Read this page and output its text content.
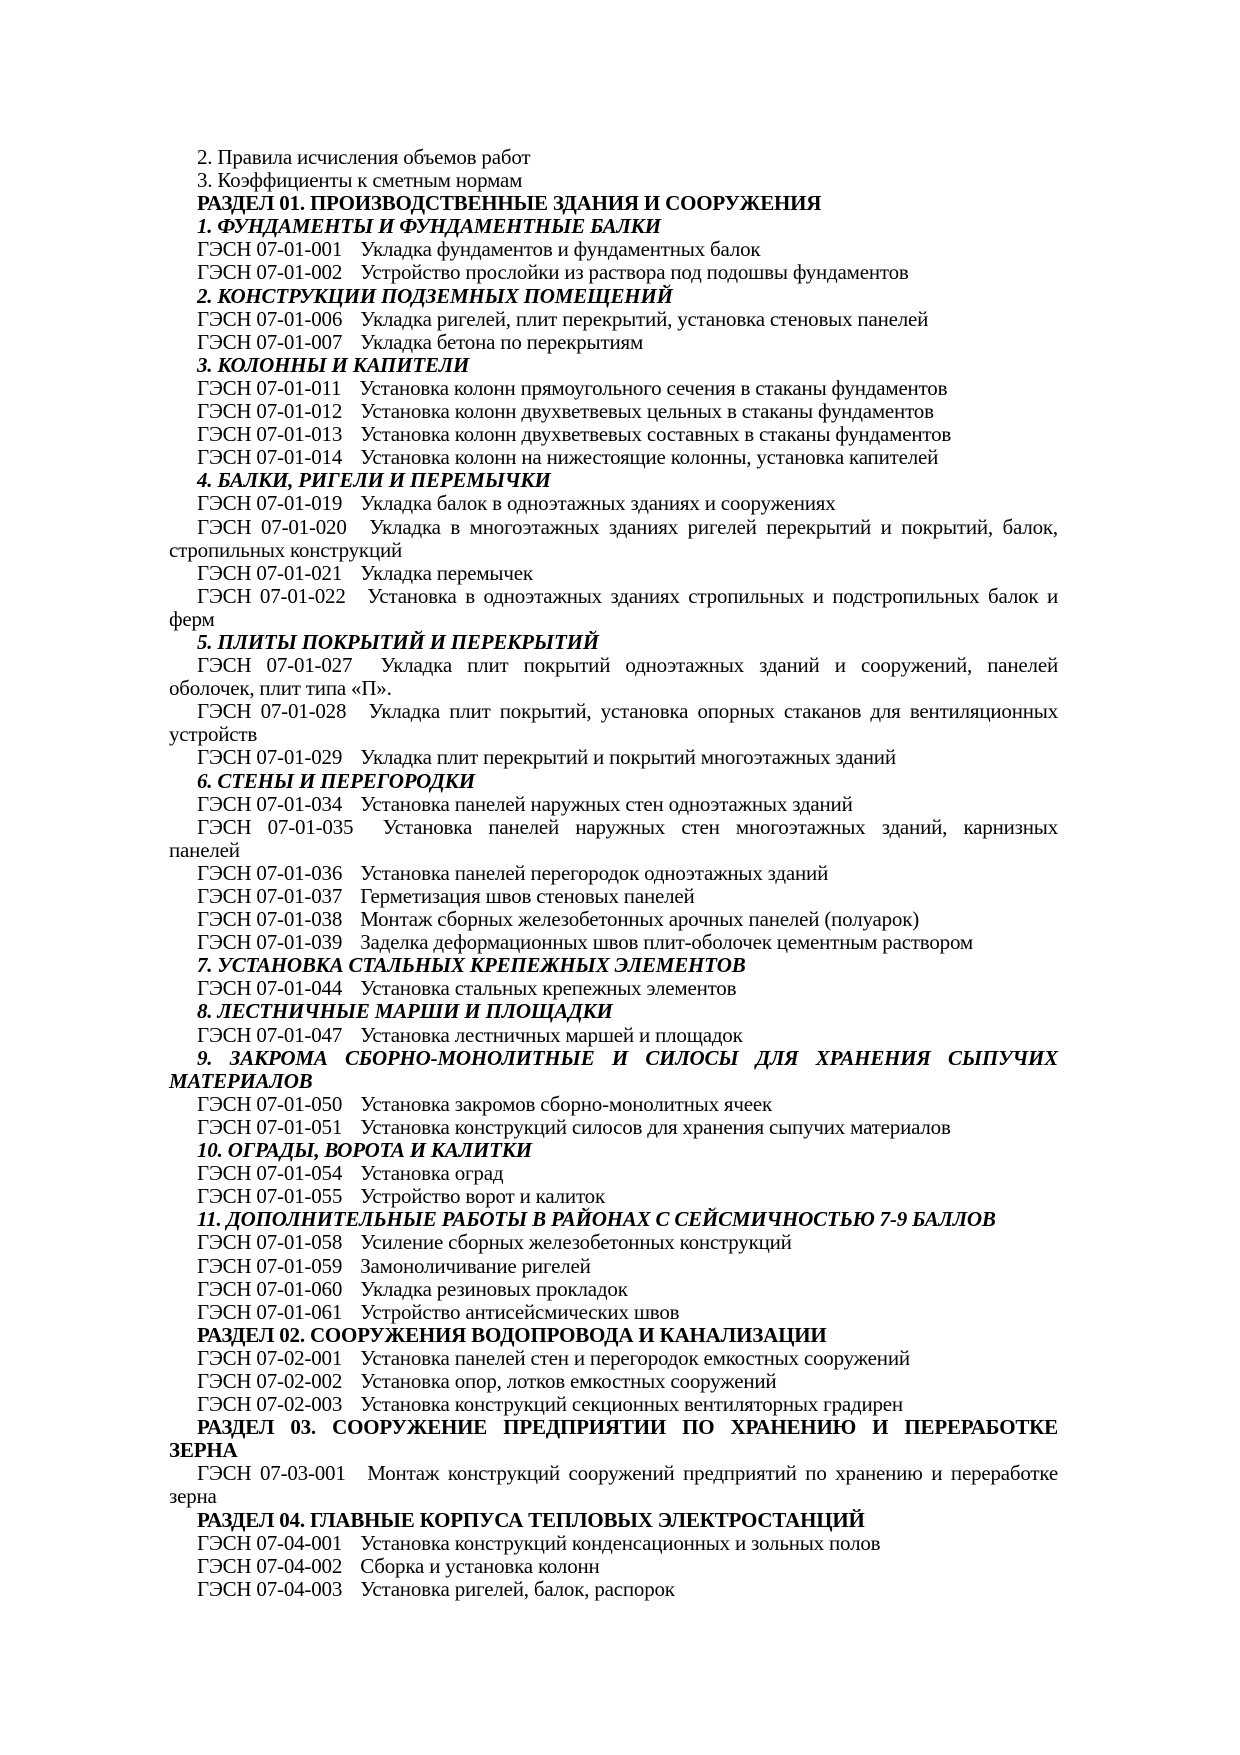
2. Правила исчисления объемов работ

3. Коэффициенты к сметным нормам

РАЗДЕЛ 01. ПРОИЗВОДСТВЕННЫЕ ЗДАНИЯ И СООРУЖЕНИЯ

1. ФУНДАМЕНТЫ И ФУНДАМЕНТНЫЕ БАЛКИ

ГЭСН 07-01-001 Укладка фундаментов и фундаментных балок

ГЭСН 07-01-002 Устройство прослойки из раствора под подошвы фундаментов

2. КОНСТРУКЦИИ ПОДЗЕМНЫХ ПОМЕЩЕНИЙ

ГЭСН 07-01-006 Укладка ригелей, плит перекрытий, установка стеновых панелей

ГЭСН 07-01-007 Укладка бетона по перекрытиям

3. КОЛОННЫ И КАПИТЕЛИ

ГЭСН 07-01-011 Установка колонн прямоугольного сечения в стаканы фундаментов

ГЭСН 07-01-012 Установка колонн двухветвевых цельных в стаканы фундаментов

ГЭСН 07-01-013 Установка колонн двухветвевых составных в стаканы фундаментов

ГЭСН 07-01-014 Установка колонн на нижестоящие колонны, установка капителей

4. БАЛКИ, РИГЕЛИ И ПЕРЕМЫЧКИ

ГЭСН 07-01-019 Укладка балок в одноэтажных зданиях и сооружениях

ГЭСН 07-01-020 Укладка в многоэтажных зданиях ригелей перекрытий и покрытий, балок,
стропильных конструкций

ГЭСН 07-01-021 Укладка перемычек

ГЭСН 07-01-022 Установка в одноэтажных зданиях стропильных и подстропильных балок и
ферм

5. ПЛИТЫ ПОКРЫТИЙ И ПЕРЕКРЫТИЙ

ГЭСН 07-01-027 Укладка плит покрытий одноэтажных зданий и сооружений, панелей
оболочек, плит типа «П».

ГЭСН 07-01-028 Укладка плит покрытий, установка опорных стаканов для вентиляционных
устройств

ГЭСН 07-01-029 Укладка плит перекрытий и покрытий многоэтажных зданий

6. СТЕНЫ И ПЕРЕГОРОДКИ

ГЭСН 07-01-034 Установка панелей наружных стен одноэтажных зданий

ГЭСН 07-01-035 Установка панелей наружных стен многоэтажных зданий, карнизных
панелей

ГЭСН 07-01-036 Установка панелей перегородок одноэтажных зданий

ГЭСН 07-01-037 Герметизация швов стеновых панелей

ГЭСН 07-01-038 Монтаж сборных железобетонных арочных панелей (полуарок)

ГЭСН 07-01-039 Заделка деформационных швов плит-оболочек цементным раствором

7. УСТАНОВКА СТАЛЬНЫХ КРЕПЕЖНЫХ ЭЛЕМЕНТОВ

ГЭСН 07-01-044 Установка стальных крепежных элементов

8. ЛЕСТНИЧНЫЕ МАРШИ И ПЛОЩАДКИ

ГЭСН 07-01-047 Установка лестничных маршей и площадок

9. ЗАКРОМА СБОРНО-МОНОЛИТНЫЕ И СИЛОСЫ ДЛЯ ХРАНЕНИЯ СЫПУЧИХ
МАТЕРИАЛОВ

ГЭСН 07-01-050 Установка закромов сборно-монолитных ячеек

ГЭСН 07-01-051 Установка конструкций силосов для хранения сыпучих материалов

10. ОГРАДЫ, ВОРОТА И КАЛИТКИ

ГЭСН 07-01-054 Установка оград

ГЭСН 07-01-055 Устройство ворот и калиток

11. ДОПОЛНИТЕЛЬНЫЕ РАБОТЫ В РАЙОНАХ С СЕЙСМИЧНОСТЬЮ 7-9 БАЛЛОВ

ГЭСН 07-01-058 Усиление сборных железобетонных конструкций

ГЭСН 07-01-059 Замоноличивание ригелей

ГЭСН 07-01-060 Укладка резиновых прокладок

ГЭСН 07-01-061 Устройство антисейсмических швов

РАЗДЕЛ 02. СООРУЖЕНИЯ ВОДОПРОВОДА И КАНАЛИЗАЦИИ

ГЭСН 07-02-001 Установка панелей стен и перегородок емкостных сооружений

ГЭСН 07-02-002 Установка опор, лотков емкостных сооружений

ГЭСН 07-02-003 Установка конструкций секционных вентиляторных градирен

РАЗДЕЛ 03. СООРУЖЕНИЕ ПРЕДПРИЯТИИ ПО ХРАНЕНИЮ И ПЕРЕРАБОТКЕ
ЗЕРНА

ГЭСН 07-03-001 Монтаж конструкций сооружений предприятий по хранению и переработке
зерна

РАЗДЕЛ 04. ГЛАВНЫЕ КОРПУСА ТЕПЛОВЫХ ЭЛЕКТРОСТАНЦИЙ

ГЭСН 07-04-001 Установка конструкций конденсационных и зольных полов

ГЭСН 07-04-002 Сборка и установка колонн

ГЭСН 07-04-003 Установка ригелей, балок, распорок
